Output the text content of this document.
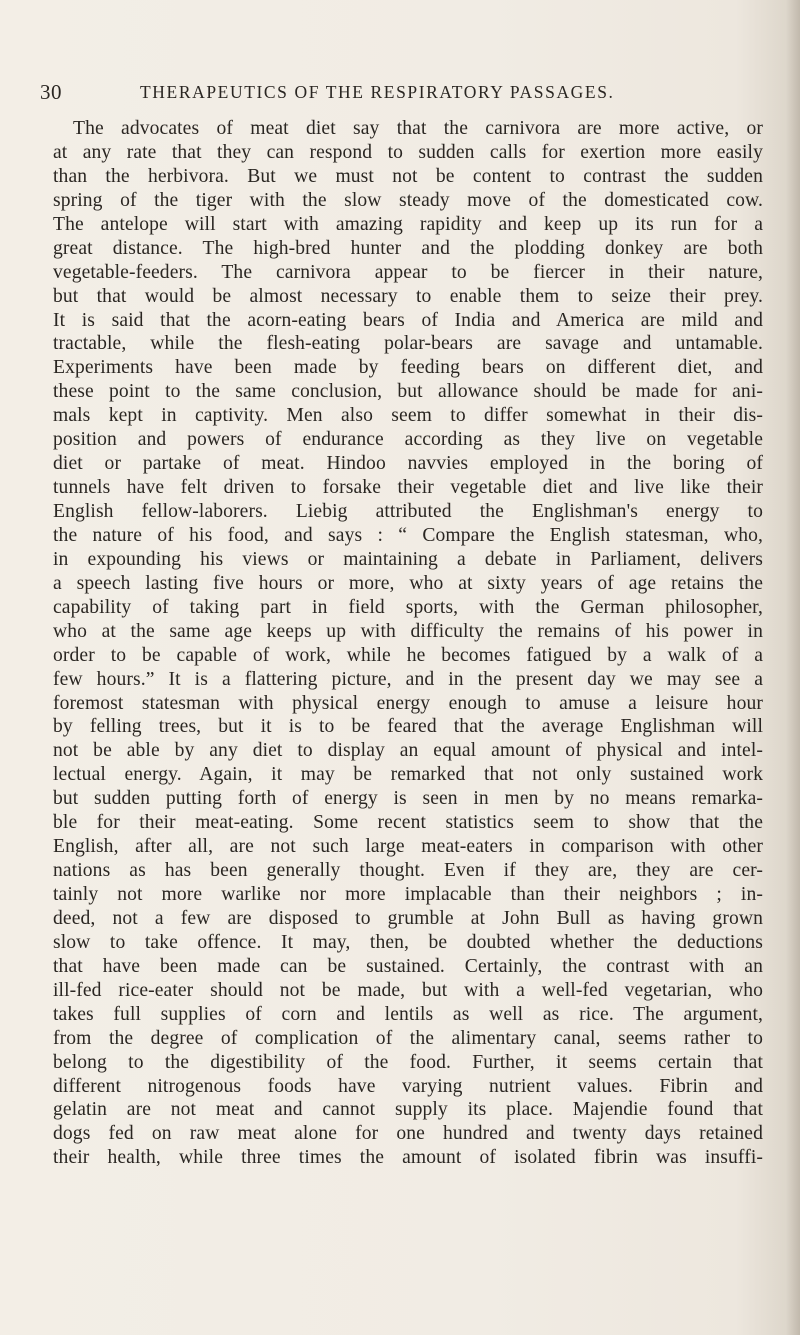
30	THERAPEUTICS OF THE RESPIRATORY PASSAGES.
The advocates of meat diet say that the carnivora are more active, or
at any rate that they can respond to sudden calls for exertion more easily
than the herbivora. But we must not be content to contrast the sudden
spring of the tiger with the slow steady move of the domesticated cow.
The antelope will start with amazing rapidity and keep up its run for a
great distance. The high-bred hunter and the plodding donkey are both
vegetable-feeders. The carnivora appear to be fiercer in their nature,
but that would be almost necessary to enable them to seize their prey.
It is said that the acorn-eating bears of India and America are mild and
tractable, while the flesh-eating polar-bears are savage and untamable.
Experiments have been made by feeding bears on different diet, and
these point to the same conclusion, but allowance should be made for ani-
mals kept in captivity. Men also seem to differ somewhat in their dis-
position and powers of endurance according as they live on vegetable
diet or partake of meat. Hindoo navvies employed in the boring of
tunnels have felt driven to forsake their vegetable diet and live like their
English fellow-laborers. Liebig attributed the Englishman's energy to
the nature of his food, and says : “ Compare the English statesman, who,
in expounding his views or maintaining a debate in Parliament, delivers
a speech lasting five hours or more, who at sixty years of age retains the
capability of taking part in field sports, with the German philosopher,
who at the same age keeps up with difficulty the remains of his power in
order to be capable of work, while he becomes fatigued by a walk of a
few hours.” It is a flattering picture, and in the present day we may see a
foremost statesman with physical energy enough to amuse a leisure hour
by felling trees, but it is to be feared that the average Englishman will
not be able by any diet to display an equal amount of physical and intel-
lectual energy. Again, it may be remarked that not only sustained work
but sudden putting forth of energy is seen in men by no means remarka-
ble for their meat-eating. Some recent statistics seem to show that the
English, after all, are not such large meat-eaters in comparison with other
nations as has been generally thought. Even if they are, they are cer-
tainly not more warlike nor more implacable than their neighbors ; in-
deed, not a few are disposed to grumble at John Bull as having grown
slow to take offence. It may, then, be doubted whether the deductions
that have been made can be sustained. Certainly, the contrast with an
ill-fed rice-eater should not be made, but with a well-fed vegetarian, who
takes full supplies of corn and lentils as well as rice. The argument,
from the degree of complication of the alimentary canal, seems rather to
belong to the digestibility of the food. Further, it seems certain that
different nitrogenous foods have varying nutrient values. Fibrin and
gelatin are not meat and cannot supply its place. Majendie found that
dogs fed on raw meat alone for one hundred and twenty days retained
their health, while three times the amount of isolated fibrin was insuffi-
